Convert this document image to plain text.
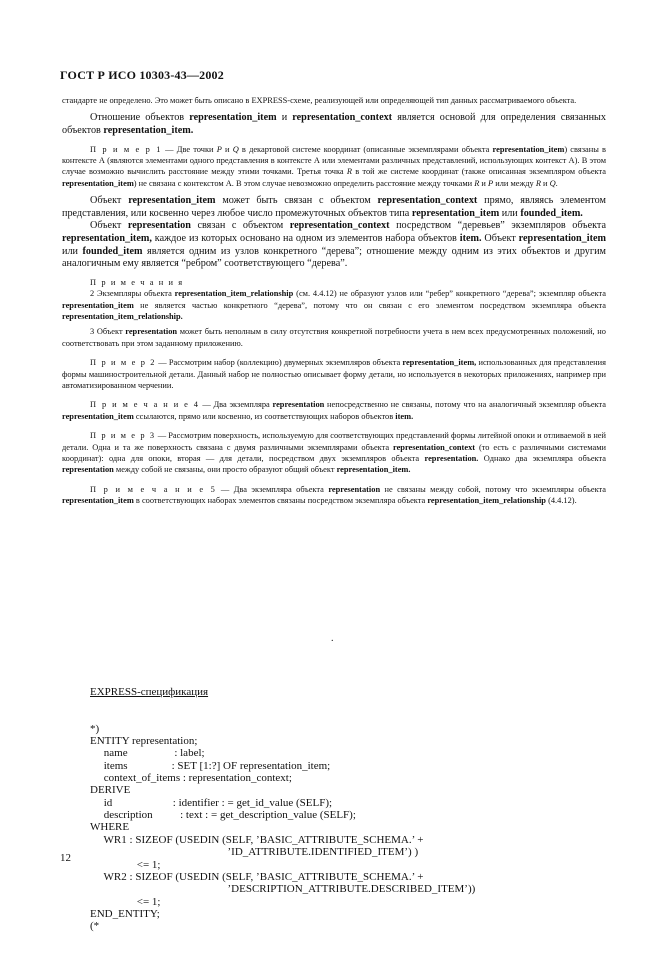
ГОСТ Р ИСО 10303-43—2002

стандарте не определено. Это может быть описано в EXPRESS-схеме, реализующей или определяющей тип данных рассматриваемого объекта.

Отношение объектов representation_item и representation_context является основой для определения связанных объектов representation_item.

П р и м е р 1 — Две точки P и Q в декартовой системе координат (описанные экземплярами объекта representation_item) связаны в контексте А (являются элементами одного представления в контексте А или элементами различных представлений, использующих контекст А). В этом случае возможно вычислить расстояние между этими точками. Третья точка R в той же системе координат (также описанная экземпляром объекта representation_item) не связана с контекстом А. В этом случае невозможно определить расстояние между точками R и P или между R и Q.

Объект representation_item может быть связан с объектом representation_context прямо, являясь элементом представления, или косвенно через любое число промежуточных объектов типа representation_item или founded_item.

Объект representation связан с объектом representation_context посредством “деревьев” экземпляров объекта representation_item, каждое из которых основано на одном из элементов набора объектов item. Объект representation_item или founded_item является одним из узлов конкретного “дерева”; отношение между одним из этих объектов и другим аналогичным ему является “ребром” соответствующего “дерева”.

П р и м е ч а н и я

2 Экземпляры объекта representation_item_relationship (см. 4.4.12) не образуют узлов или “ребер” конкретного “дерева”; экземпляр объекта representation_item не является частью конкретного “дерева”, потому что он связан с его элементом посредством экземпляра объекта representation_item_relationship.

3 Объект representation может быть неполным в силу отсутствия конкретной потребности учета в нем всех предусмотренных положений, но соответствовать при этом заданному приложению.

П р и м е р 2 — Рассмотрим набор (коллекцию) двумерных экземпляров объекта representation_item, использованных для представления формы машиностроительной детали. Данный набор не полностью описывает форму детали, но используется в некоторых приложениях, например при автоматизированном черчении.

П р и м е ч а н и е 4 — Два экземпляра representation непосредственно не связаны, потому что на аналогичный экземпляр объекта representation_item ссылаются, прямо или косвенно, из соответствующих наборов объектов item.

П р и м е р 3 — Рассмотрим поверхность, используемую для соответствующих представлений формы литейной опоки и отливаемой в ней детали. Одна и та же поверхность связана с двумя различными экземплярами объекта representation_context (то есть с различными системами координат): одна для опоки, вторая — для детали, посредством двух экземпляров объекта representation. Однако два экземпляра объекта representation между собой не связаны, они просто образуют общий объект representation_item.

П р и м е ч а н и е 5 — Два экземпляра объекта representation не связаны между собой, потому что экземпляры объекта representation_item в соответствующих наборах элементов связаны посредством экземпляра объекта representation_item_relationship (4.4.12).

.

EXPRESS-спецификация

*)

ENTITY representation;

name                 : label;

items                : SET [1:?] OF representation_item;

context_of_items : representation_context;

DERIVE

id                      : identifier : = get_id_value (SELF);

description          : text : = get_description_value (SELF);

WHERE

WR1 : SIZEOF (USEDIN (SELF, ’BASIC_ATTRIBUTE_SCHEMA.’ +

’ID_ATTRIBUTE.IDENTIFIED_ITEM’) )

<= 1;

WR2 : SIZEOF (USEDIN (SELF, ’BASIC_ATTRIBUTE_SCHEMA.’ +

’DESCRIPTION_ATTRIBUTE.DESCRIBED_ITEM’))

<= 1;

END_ENTITY;

(*

12
